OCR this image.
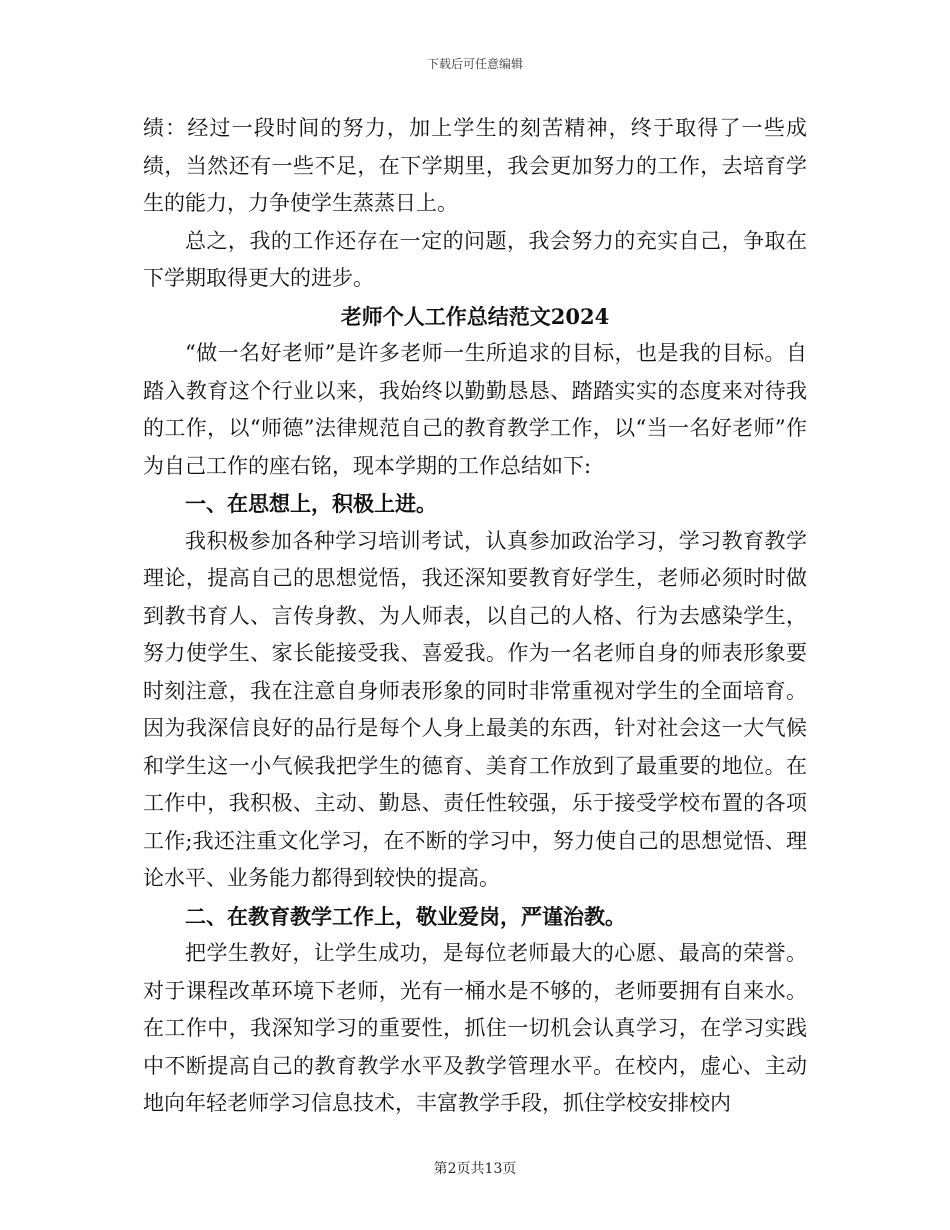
下载后可任意编辑

绩：经过一段时间的努力，加上学生的刻苦精神，终于取得了一些成绩，当然还有一些不足，在下学期里，我会更加努力的工作，去培育学生的能力，力争使学生蒸蒸日上。

总之，我的工作还存在一定的问题，我会努力的充实自己，争取在下学期取得更大的进步。

老师个人工作总结范文2024

“做一名好老师”是许多老师一生所追求的目标，也是我的目标。自踏入教育这个行业以来，我始终以勤勤恳恳、踏踏实实的态度来对待我的工作，以“师德”法律规范自己的教育教学工作，以“当一名好老师”作为自己工作的座右铭，现本学期的工作总结如下:

一、在思想上，积极上进。

我积极参加各种学习培训考试，认真参加政治学习，学习教育教学理论，提高自己的思想觉悟，我还深知要教育好学生，老师必须时时做到教书育人、言传身教、为人师表，以自己的人格、行为去感染学生，努力使学生、家长能接受我、喜爱我。作为一名老师自身的师表形象要时刻注意，我在注意自身师表形象的同时非常重视对学生的全面培育。因为我深信良好的品行是每个人身上最美的东西，针对社会这一大气候和学生这一小气候我把学生的德育、美育工作放到了最重要的地位。在工作中，我积极、主动、勤恳、责任性较强，乐于接受学校布置的各项工作;我还注重文化学习，在不断的学习中，努力使自己的思想觉悟、理论水平、业务能力都得到较快的提高。

二、在教育教学工作上，敬业爱岗，严谨治教。

把学生教好，让学生成功，是每位老师最大的心愿、最高的荣誉。对于课程改革环境下老师，光有一桶水是不够的，老师要拥有自来水。在工作中，我深知学习的重要性，抓住一切机会认真学习，在学习实践中不断提高自己的教育教学水平及教学管理水平。在校内，虚心、主动地向年轻老师学习信息技术，丰富教学手段，抓住学校安排校内

第2页共13页
